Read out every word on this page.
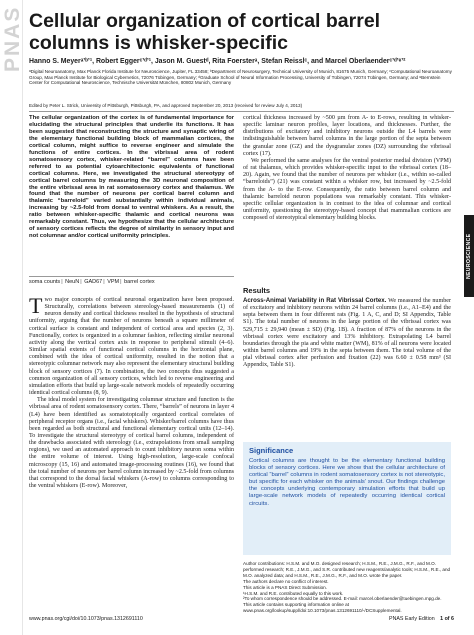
PNAS
NEUROSCIENCE
Cellular organization of cortical barrel columns is whisker-specific
Hanno S. Meyerᵃʼᵇʼ¹, Robert Eggerᶜʼᵈʼ¹, Jason M. Guestᵈ, Rita Foersterᵃ, Stefan Reisslᶜ, and Marcel Oberlaenderᶜʼᵈʼᵉʼ²
ᵃDigital Neuroanatomy, Max Planck Florida Institute for Neuroscience, Jupiter, FL 33458; ᵇDepartment of Neurosurgery, Technical University of Munich, 81675 Munich, Germany; ᶜComputational Neuroanatomy Group, Max Planck Institute for Biological Cybernetics, 72076 Tübingen, Germany; ᵈGraduate School of Neural Information Processing, University of Tübingen, 72074 Tübingen, Germany; and ᵉBernstein Center for Computational Neuroscience, Technische Universität München, 80802 Munich, Germany
Edited by Peter L. Strick, University of Pittsburgh, Pittsburgh, PA, and approved September 20, 2013 (received for review July 4, 2013)

The cellular organization of the cortex is of fundamental importance for elucidating the structural principles that underlie its functions. It has been suggested that reconstructing the structure and synaptic wiring of the elementary functional building block of mammalian cortices, the cortical column, might suffice to reverse engineer and simulate the functions of entire cortices. In the vibrissal area of rodent somatosensory cortex, whisker-related “barrel” columns have been referred to as potential cytoarchitectonic equivalents of functional cortical columns. Here, we investigated the structural stereotypy of cortical barrel columns by measuring the 3D neuronal composition of the entire vibrissal area in rat somatosensory cortex and thalamus. We found that the number of neurons per cortical barrel column and thalamic “barreloid” varied substantially within individual animals, increasing by ~2.5-fold from dorsal to ventral whiskers. As a result, the ratio between whisker-specific thalamic and cortical neurons was remarkably constant. Thus, we hypothesize that the cellular architecture of sensory cortices reflects the degree of similarity in sensory input and not columnar and/or cortical uniformity principles.

cortical thickness increased by ~500 µm from A- to E-rows, resulting in whisker-specific laminar neuron profiles, layer locations, and thicknesses. Further, the distributions of excitatory and inhibitory neurons outside the L4 barrels were indistinguishable between barrel columns in the large portion of the septa between the granular zone (GZ) and the dysgranular zones (DZ) surrounding the vibrissal cortex (17).

We performed the same analyses for the ventral posterior medial division (VPM) of rat thalamus, which provides whisker-specific input to the vibrissal cortex (18–20). Again, we found that the number of neurons per whisker (i.e., within so-called “barreloids”) (21) was constant within a whisker row, but increased by ~2.5-fold from the A- to the E-row. Consequently, the ratio between barrel column and thalamic barreloid neuron populations was remarkably constant. This whisker-specific cellular organization is in contrast to the idea of columnar and cortical uniformity, questioning the stereotypy-based concept that mammalian cortices are composed of stereotypical elementary building blocks.

soma counts| NeuN| GAD67| VPM| barrel cortex

Two major concepts of cortical neuronal organization have been proposed. Structurally, correlations between stereology-based measurements (1) of neuron density and cortical thickness resulted in the hypothesis of structural uniformity, arguing that the number of neurons beneath a square millimeter of cortical surface is constant and independent of cortical area and species (2, 3). Functionally, cortex is organized in a columnar fashion, reflecting similar neuronal activity along the vertical cortex axis in response to peripheral stimuli (4–6). Similar spatial extents of functional cortical columns in the horizontal plane, combined with the idea of cortical uniformity, resulted in the notion that a stereotypic columnar network may also represent the elementary structural building block of sensory cortices (7). In combination, the two concepts thus suggested a common organization of all sensory cortices, which led to reverse engineering and simulation efforts that build up large-scale network models of repeatedly occurring identical cortical columns (8, 9).

The ideal model system for investigating columnar structure and function is the vibrissal area of rodent somatosensory cortex. There, “barrels” of neurons in layer 4 (L4) have been identified as somatotopically organized cortical correlates of peripheral receptor organs (i.e., facial whiskers). Whisker/barrel columns have thus been regarded as both structural and functional elementary cortical units (12–14). To investigate the structural stereotypy of cortical barrel columns, independent of the drawbacks associated with stereology (i.e., extrapolations from small sampling regions), we used an automated approach to count inhibitory neuron soma within the entire volume of interest. Using high-resolution, large-scale confocal microscopy (15, 16) and automated image-processing routines (16), we found that the total number of neurons per barrel column increased by ~2.5-fold from columns that correspond to the dorsal facial whiskers (A-row) to columns corresponding to the ventral whiskers (E-row). Moreover,

Results

Across-Animal Variability in Rat Vibrissal Cortex. We measured the number of excitatory and inhibitory neurons within 24 barrel columns (i.e., A1–E4) and the septa between them in four different rats (Fig. 1 A, C, and D; SI Appendix, Table S1). The total number of neurons in the large portion of the vibrissal cortex was 529,715 ± 29,940 (mean ± SD) (Fig. 1B). A fraction of 87% of the neurons in the vibrissal cortex were excitatory and 13% inhibitory. Extrapolating L4 barrel boundaries through the pia and white matter (WM), 81% of all neurons were located within barrel columns and 19% in the septa between them. The total volume of the pial vibrissal cortex after perfusion and fixation (22) was 6.60 ± 0.58 mm³ (SI Appendix, Table S1).

Significance

Cortical columns are thought to be the elementary functional building blocks of sensory cortices. Here we show that the cellular architecture of cortical “barrel” columns in rodent somatosensory cortex is not stereotypic, but specific for each whisker on the animals’ snout. Our findings challenge the concepts underlying contemporary simulation efforts that build up large-scale network models of repeatedly occurring identical cortical circuits.

Author contributions: H.S.M. and M.O. designed research; H.S.M., R.E., J.M.G., R.F., and M.O. performed research; R.E., J.M.G., and S.R. contributed new reagents/analytic tools; H.S.M., R.E., and M.O. analyzed data; and H.S.M., R.E., J.M.G., R.F., and M.O. wrote the paper.

The authors declare no conflict of interest.

This article is a PNAS Direct Submission.

¹H.S.M. and R.E. contributed equally to this work.

²To whom correspondence should be addressed. E-mail: marcel.oberlaender@tuebingen.mpg.de.

This article contains supporting information online at www.pnas.org/lookup/suppl/doi:10.1073/pnas.1312691110/-/DCSupplemental.

www.pnas.org/cgi/doi/10.1073/pnas.1312691110	PNAS Early Edition 1 of 6
